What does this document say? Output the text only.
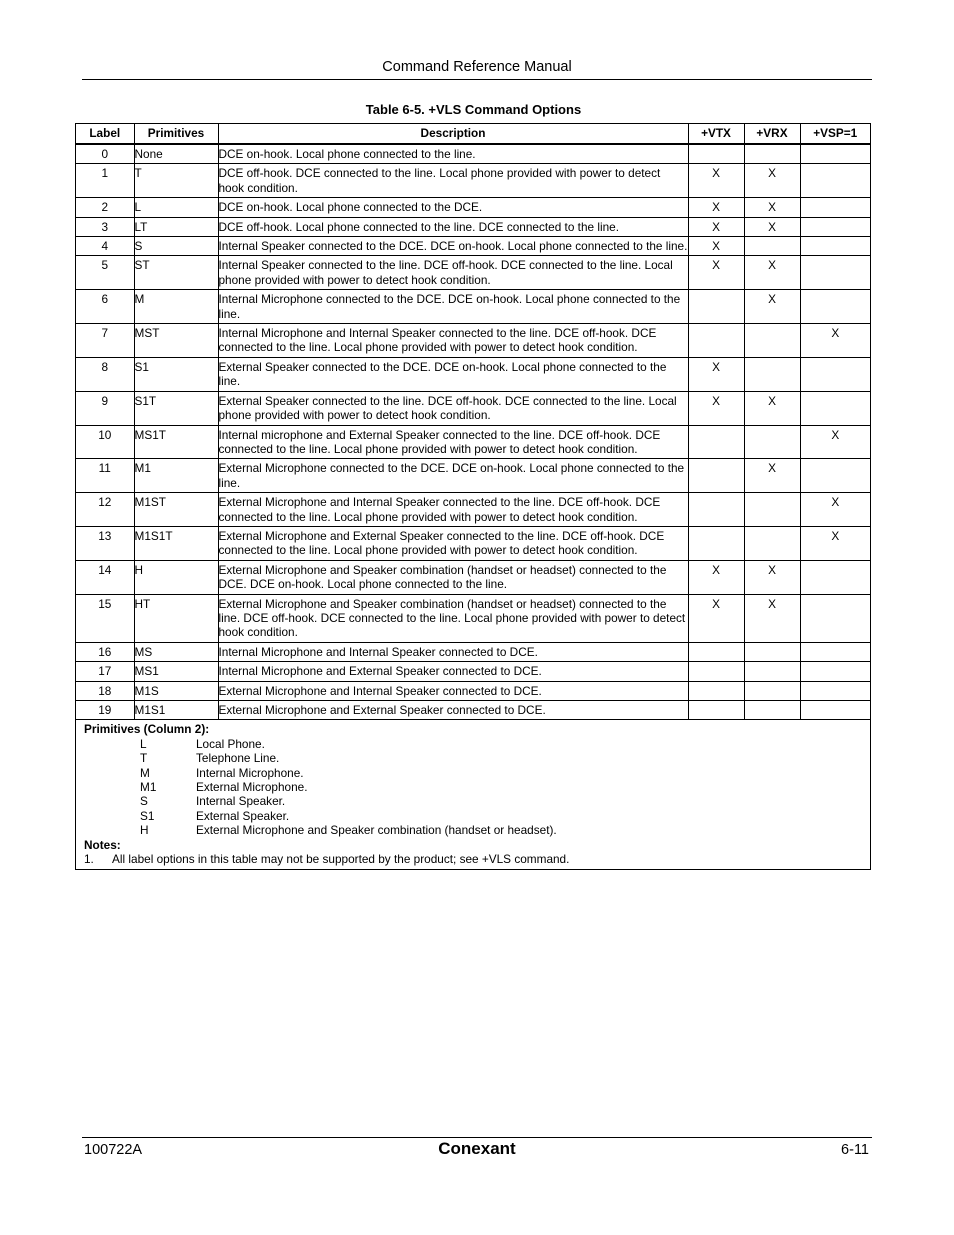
Command Reference Manual
Table 6-5. +VLS Command Options
Label	Primitives	Description	+VTX	+VRX	+VSP=1
0	None	DCE on-hook. Local phone connected to the line.			
1	T	DCE off-hook. DCE connected to the line. Local phone provided with power to detect hook condition.	X	X	
2	L	DCE on-hook. Local phone connected to the DCE.	X	X	
3	LT	DCE off-hook. Local phone connected to the line. DCE connected to the line.	X	X	
4	S	Internal Speaker connected to the DCE. DCE on-hook. Local phone connected to the line.	X		
5	ST	Internal Speaker connected to the line. DCE off-hook. DCE connected to the line. Local phone provided with power to detect hook condition.	X	X	
6	M	Internal Microphone connected to the DCE. DCE on-hook. Local phone connected to the line.		X	
7	MST	Internal Microphone and Internal Speaker connected to the line. DCE off-hook. DCE connected to the line. Local phone provided with power to detect hook condition.			X
8	S1	External Speaker connected to the DCE. DCE on-hook. Local phone connected to the line.	X		
9	S1T	External Speaker connected to the line. DCE off-hook. DCE connected to the line. Local phone provided with power to detect hook condition.	X	X	
10	MS1T	Internal microphone and External Speaker connected to the line. DCE off-hook. DCE connected to the line. Local phone provided with power to detect hook condition.			X
11	M1	External Microphone connected to the DCE. DCE on-hook. Local phone connected to the line.		X	
12	M1ST	External Microphone and Internal Speaker connected to the line. DCE off-hook. DCE connected to the line. Local phone provided with power to detect hook condition.			X
13	M1S1T	External Microphone and External Speaker connected to the line. DCE off-hook. DCE connected to the line. Local phone provided with power to detect hook condition.			X
14	H	External Microphone and Speaker combination (handset or headset) connected to the DCE. DCE on-hook. Local phone connected to the line.	X	X	
15	HT	External Microphone and Speaker combination (handset or headset) connected to the line. DCE off-hook. DCE connected to the line. Local phone provided with power to detect hook condition.	X	X	
16	MS	Internal Microphone and Internal Speaker connected to DCE.			
17	MS1	Internal Microphone and External Speaker connected to DCE.			
18	M1S	External Microphone and Internal Speaker connected to DCE.			
19	M1S1	External Microphone and External Speaker connected to DCE.			
Primitives (Column 2):
L	Local Phone.
T	Telephone Line.
M	Internal Microphone.
M1	External Microphone.
S	Internal Speaker.
S1	External Speaker.
H	External Microphone and Speaker combination (handset or headset).
Notes:
1.	All label options in this table may not be supported by the product; see +VLS command.
100722A	Conexant	6-11
